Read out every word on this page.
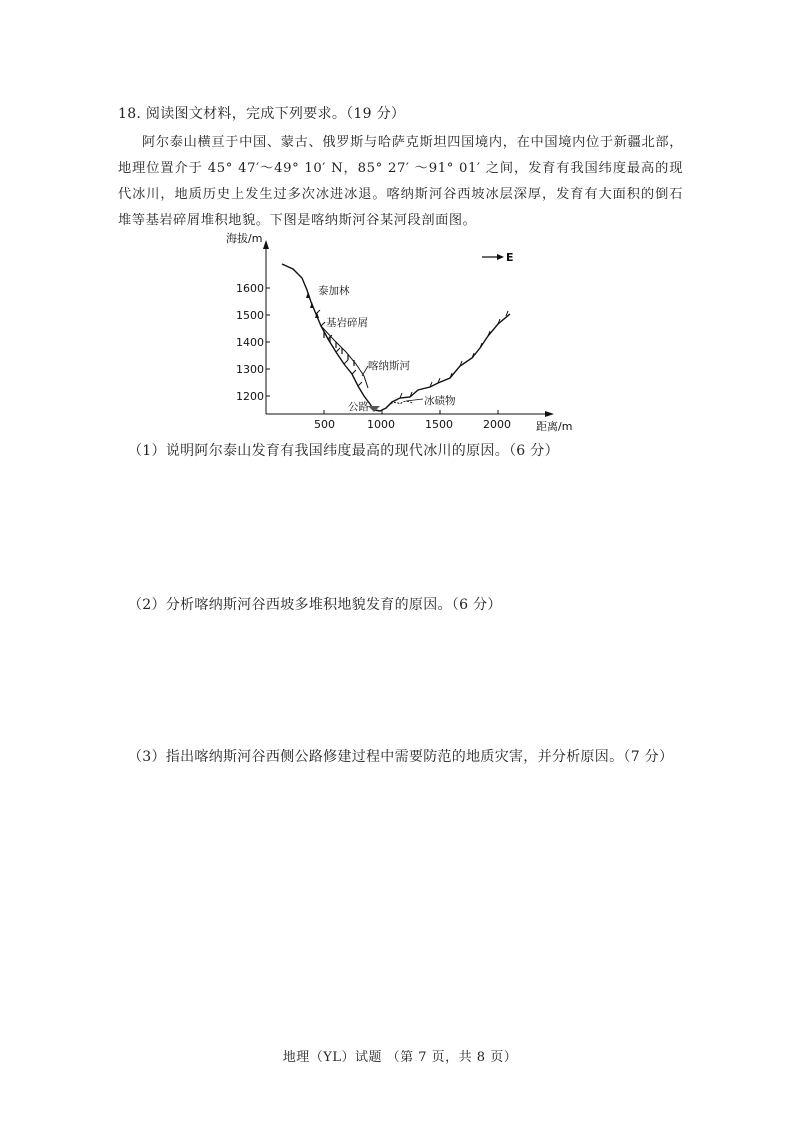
18. 阅读图文材料，完成下列要求。（19 分）
阿尔泰山横亘于中国、蒙古、俄罗斯与哈萨克斯坦四国境内，在中国境内位于新疆北部，地理位置介于 45° 47′～49° 10′ N，85° 27′ ～91° 01′ 之间，发育有我国纬度最高的现代冰川，地质历史上发生过多次冰进冰退。喀纳斯河谷西坡冰层深厚，发育有大面积的倒石堆等基岩碎屑堆积地貌。下图是喀纳斯河谷某河段剖面图。
海拔/m
距离/m
1600
1500
1400
1300
1200
500	1000	1500	2000
E
泰加林
基岩碎屑
喀纳斯河
公路	冰碛物
（1）说明阿尔泰山发育有我国纬度最高的现代冰川的原因。（6 分）
（2）分析喀纳斯河谷西坡多堆积地貌发育的原因。（6 分）
（3）指出喀纳斯河谷西侧公路修建过程中需要防范的地质灾害，并分析原因。（7 分）
地理（YL）试题 （第 7 页，共 8 页）
